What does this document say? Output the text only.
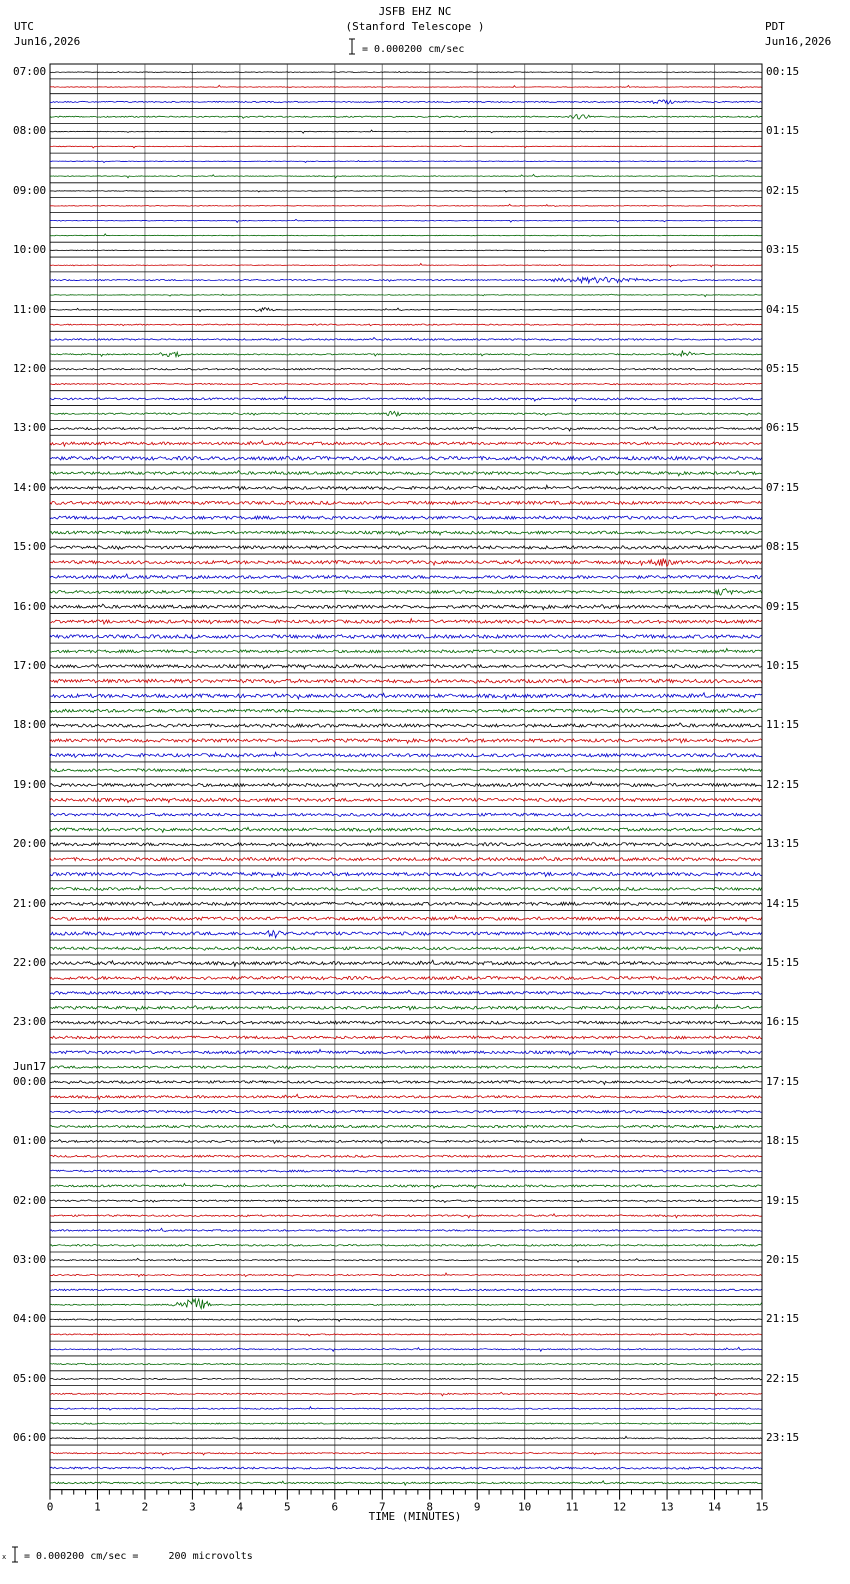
JSFB EHZ NC
(Stanford Telescope )
= 0.000200 cm/sec
UTC
Jun16,2026
PDT
Jun16,2026
0	1	2	3	4	5	6	7	8	9	10	11	12	13	14	15
07:00
08:00
09:00
10:00
11:00
12:00
13:00
14:00
15:00
16:00
17:00
18:00
19:00
20:00
21:00
22:00
23:00
00:00
Jun17
01:00
02:00
03:00
04:00
05:00
06:00
00:15
01:15
02:15
03:15
04:15
05:15
06:15
07:15
08:15
09:15
10:15
11:15
12:15
13:15
14:15
15:15
16:15
17:15
18:15
19:15
20:15
21:15
22:15
23:15
TIME (MINUTES)
x = 0.000200 cm/sec =     200 microvolts
